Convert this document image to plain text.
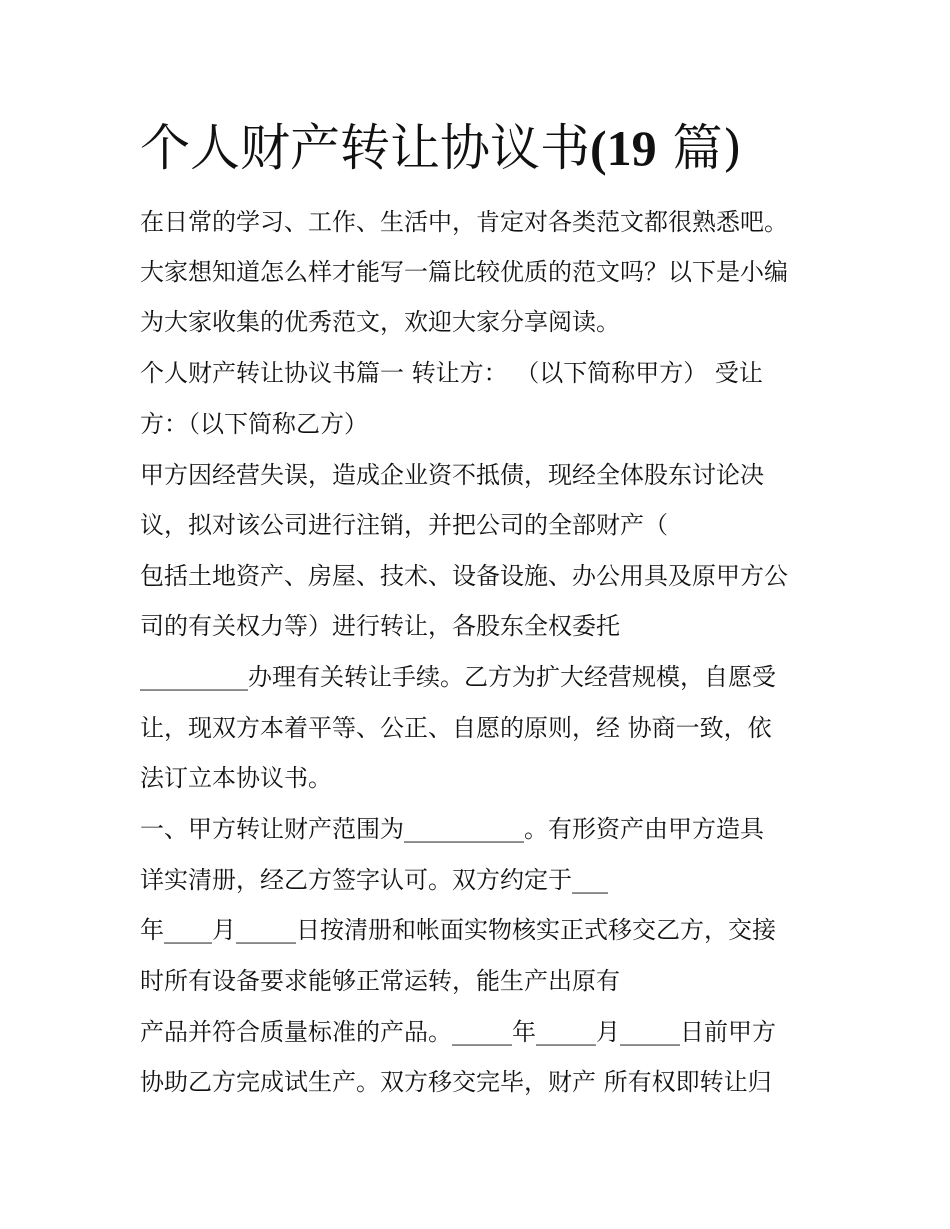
个人财产转让协议书(19 篇)
在日常的学习、工作、生活中，肯定对各类范文都很熟悉吧。
大家想知道怎么样才能写一篇比较优质的范文吗？以下是小编
为大家收集的优秀范文，欢迎大家分享阅读。
个人财产转让协议书篇一 转让方： （以下简称甲方） 受让
方：（以下简称乙方）
甲方因经营失误，造成企业资不抵债，现经全体股东讨论决
议，拟对该公司进行注销，并把公司的全部财产（
包括土地资产、房屋、技术、设备设施、办公用具及原甲方公
司的有关权力等）进行转让，各股东全权委托
_________办理有关转让手续。乙方为扩大经营规模，自愿受
让，现双方本着平等、公正、自愿的原则，经 协商一致，依
法订立本协议书。
一、甲方转让财产范围为__________。有形资产由甲方造具
详实清册，经乙方签字认可。双方约定于___
年____月_____日按清册和帐面实物核实正式移交乙方，交接
时所有设备要求能够正常运转，能生产出原有
产品并符合质量标准的产品。_____年_____月_____日前甲方
协助乙方完成试生产。双方移交完毕，财产 所有权即转让归
